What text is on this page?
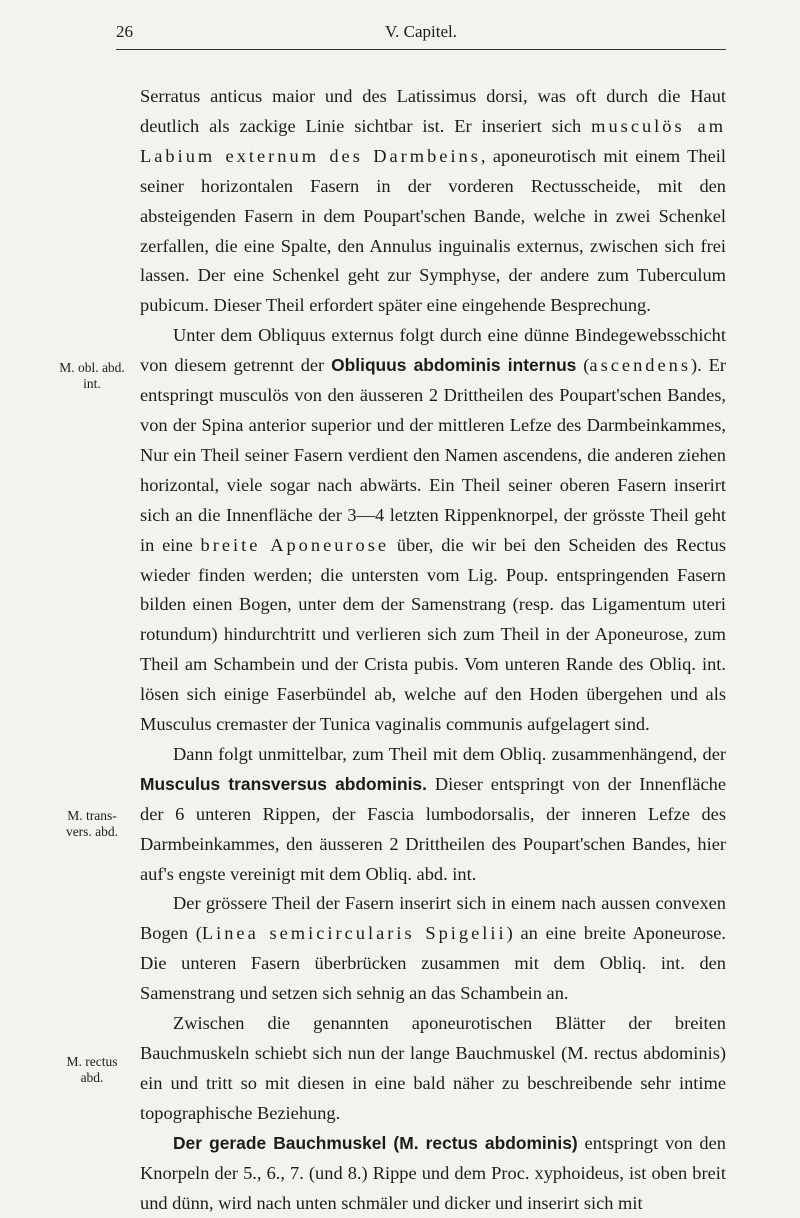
26	V. Capitel.
M. obl. abd.
int.
M. trans-
vers. abd.
M. rectus
abd.

Serratus anticus maior und des Latissimus dorsi, was oft durch die Haut deutlich als zackige Linie sichtbar ist. Er inseriert sich musculös am Labium externum des Darmbeins, aponeurotisch mit einem Theil seiner horizontalen Fasern in der vorderen Rectusscheide, mit den absteigenden Fasern in dem Poupart'schen Bande, welche in zwei Schenkel zerfallen, die eine Spalte, den Annulus inguinalis externus, zwischen sich frei lassen. Der eine Schenkel geht zur Symphyse, der andere zum Tuberculum pubicum. Dieser Theil erfordert später eine eingehende Besprechung.

Unter dem Obliquus externus folgt durch eine dünne Bindegewebsschicht von diesem getrennt der Obliquus abdominis internus (ascendens). Er entspringt musculös von den äusseren 2 Drittheilen des Poupart'schen Bandes, von der Spina anterior superior und der mittleren Lefze des Darmbeinkammes, Nur ein Theil seiner Fasern verdient den Namen ascendens, die anderen ziehen horizontal, viele sogar nach abwärts. Ein Theil seiner oberen Fasern inserirt sich an die Innenfläche der 3—4 letzten Rippenknorpel, der grösste Theil geht in eine breite Aponeurose über, die wir bei den Scheiden des Rectus wieder finden werden; die untersten vom Lig. Poup. entspringenden Fasern bilden einen Bogen, unter dem der Samenstrang (resp. das Ligamentum uteri rotundum) hindurchtritt und verlieren sich zum Theil in der Aponeurose, zum Theil am Schambein und der Crista pubis. Vom unteren Rande des Obliq. int. lösen sich einige Faserbündel ab, welche auf den Hoden übergehen und als Musculus cremaster der Tunica vaginalis communis aufgelagert sind.

Dann folgt unmittelbar, zum Theil mit dem Obliq. zusammenhängend, der Musculus transversus abdominis. Dieser entspringt von der Innenfläche der 6 unteren Rippen, der Fascia lumbodorsalis, der inneren Lefze des Darmbeinkammes, den äusseren 2 Drittheilen des Poupart'schen Bandes, hier auf's engste vereinigt mit dem Obliq. abd. int.

Der grössere Theil der Fasern inserirt sich in einem nach aussen convexen Bogen (Linea semicircularis Spigelii) an eine breite Aponeurose. Die unteren Fasern überbrücken zusammen mit dem Obliq. int. den Samenstrang und setzen sich sehnig an das Schambein an.

Zwischen die genannten aponeurotischen Blätter der breiten Bauchmuskeln schiebt sich nun der lange Bauchmuskel (M. rectus abdominis) ein und tritt so mit diesen in eine bald näher zu beschreibende sehr intime topographische Beziehung.

Der gerade Bauchmuskel (M. rectus abdominis) entspringt von den Knorpeln der 5., 6., 7. (und 8.) Rippe und dem Proc. xyphoideus, ist oben breit und dünn, wird nach unten schmäler und dicker und inserirt sich mit
